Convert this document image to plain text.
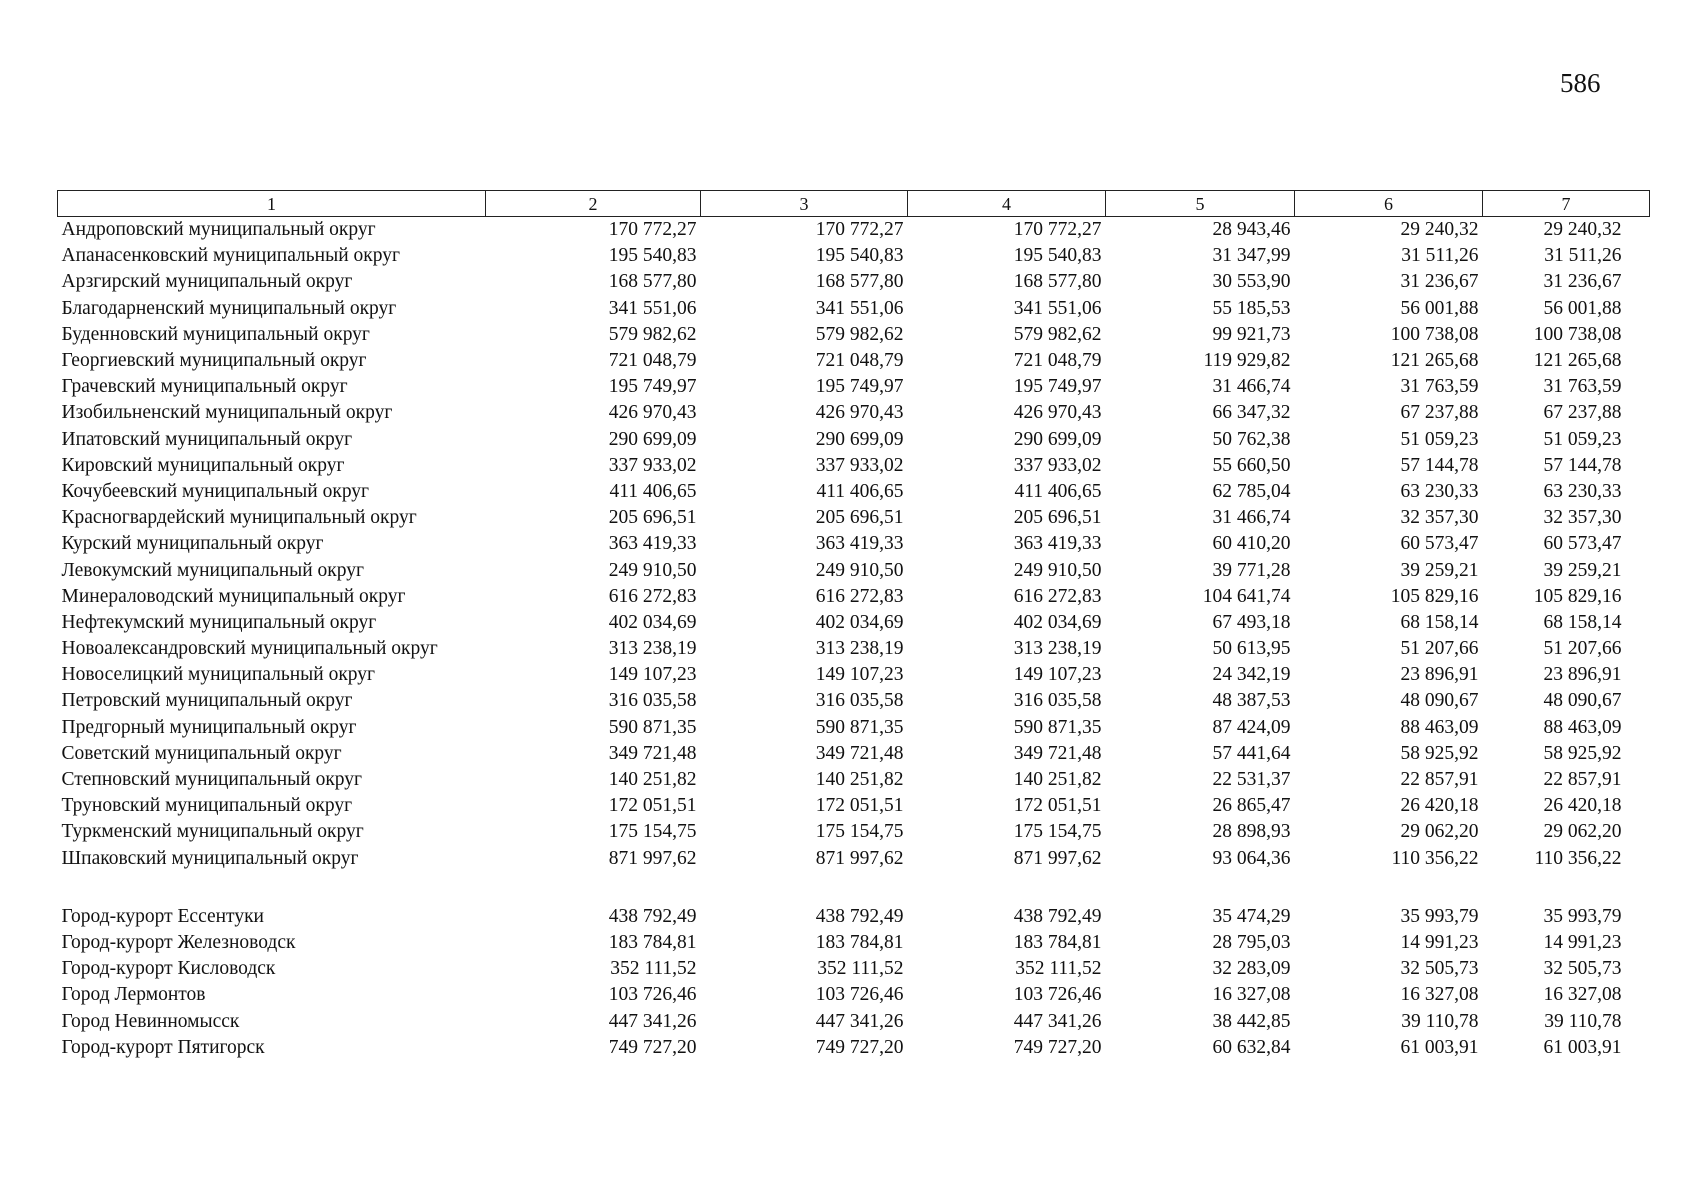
586
1	2	3	4	5	6	7
Андроповский муниципальный округ	170 772,27	170 772,27	170 772,27	28 943,46	29 240,32	29 240,32
Апанасенковский муниципальный округ	195 540,83	195 540,83	195 540,83	31 347,99	31 511,26	31 511,26
Арзгирский муниципальный округ	168 577,80	168 577,80	168 577,80	30 553,90	31 236,67	31 236,67
Благодарненский муниципальный округ	341 551,06	341 551,06	341 551,06	55 185,53	56 001,88	56 001,88
Буденновский муниципальный округ	579 982,62	579 982,62	579 982,62	99 921,73	100 738,08	100 738,08
Георгиевский муниципальный округ	721 048,79	721 048,79	721 048,79	119 929,82	121 265,68	121 265,68
Грачевский муниципальный округ	195 749,97	195 749,97	195 749,97	31 466,74	31 763,59	31 763,59
Изобильненский муниципальный округ	426 970,43	426 970,43	426 970,43	66 347,32	67 237,88	67 237,88
Ипатовский муниципальный округ	290 699,09	290 699,09	290 699,09	50 762,38	51 059,23	51 059,23
Кировский муниципальный округ	337 933,02	337 933,02	337 933,02	55 660,50	57 144,78	57 144,78
Кочубеевский муниципальный округ	411 406,65	411 406,65	411 406,65	62 785,04	63 230,33	63 230,33
Красногвардейский муниципальный округ	205 696,51	205 696,51	205 696,51	31 466,74	32 357,30	32 357,30
Курский муниципальный округ	363 419,33	363 419,33	363 419,33	60 410,20	60 573,47	60 573,47
Левокумский муниципальный округ	249 910,50	249 910,50	249 910,50	39 771,28	39 259,21	39 259,21
Минераловодский муниципальный округ	616 272,83	616 272,83	616 272,83	104 641,74	105 829,16	105 829,16
Нефтекумский муниципальный округ	402 034,69	402 034,69	402 034,69	67 493,18	68 158,14	68 158,14
Новоалександровский муниципальный округ	313 238,19	313 238,19	313 238,19	50 613,95	51 207,66	51 207,66
Новоселицкий муниципальный округ	149 107,23	149 107,23	149 107,23	24 342,19	23 896,91	23 896,91
Петровский муниципальный округ	316 035,58	316 035,58	316 035,58	48 387,53	48 090,67	48 090,67
Предгорный муниципальный округ	590 871,35	590 871,35	590 871,35	87 424,09	88 463,09	88 463,09
Советский муниципальный округ	349 721,48	349 721,48	349 721,48	57 441,64	58 925,92	58 925,92
Степновский муниципальный округ	140 251,82	140 251,82	140 251,82	22 531,37	22 857,91	22 857,91
Труновский муниципальный округ	172 051,51	172 051,51	172 051,51	26 865,47	26 420,18	26 420,18
Туркменский муниципальный округ	175 154,75	175 154,75	175 154,75	28 898,93	29 062,20	29 062,20
Шпаковский муниципальный округ	871 997,62	871 997,62	871 997,62	93 064,36	110 356,22	110 356,22

Город-курорт Ессентуки	438 792,49	438 792,49	438 792,49	35 474,29	35 993,79	35 993,79
Город-курорт Железноводск	183 784,81	183 784,81	183 784,81	28 795,03	14 991,23	14 991,23
Город-курорт Кисловодск	352 111,52	352 111,52	352 111,52	32 283,09	32 505,73	32 505,73
Город Лермонтов	103 726,46	103 726,46	103 726,46	16 327,08	16 327,08	16 327,08
Город Невинномысск	447 341,26	447 341,26	447 341,26	38 442,85	39 110,78	39 110,78
Город-курорт Пятигорск	749 727,20	749 727,20	749 727,20	60 632,84	61 003,91	61 003,91
